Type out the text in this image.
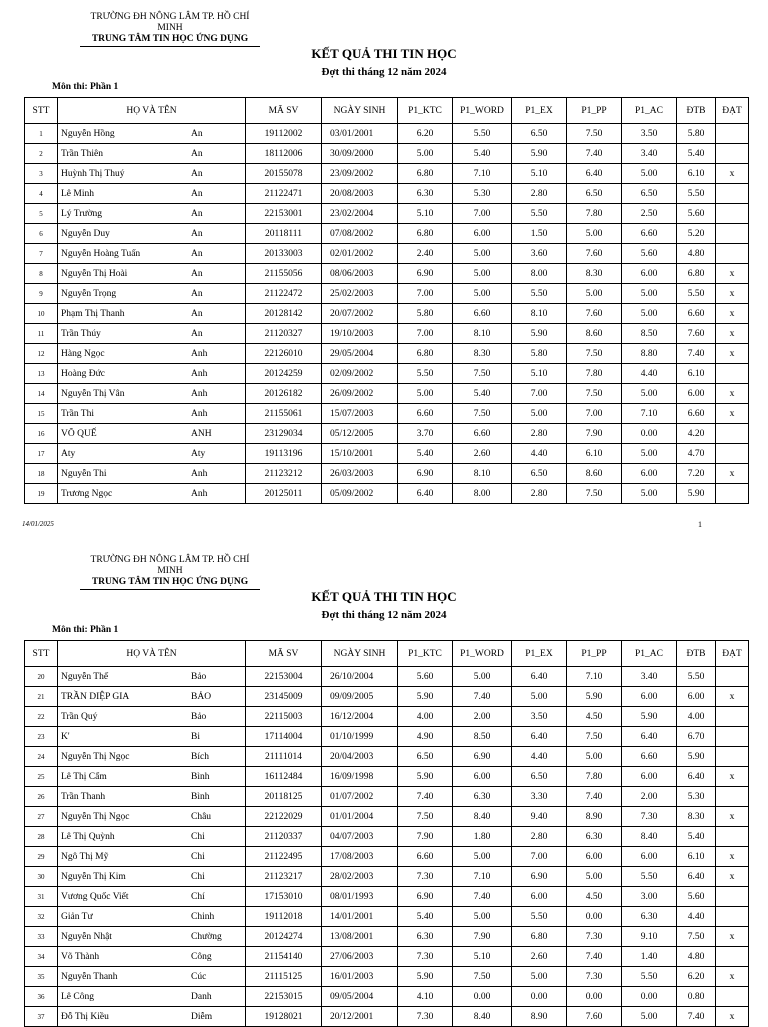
TRƯỜNG ĐH NÔNG LÂM TP. HỒ CHÍ MINH
TRUNG TÂM TIN HỌC ỨNG DỤNG
KẾT QUẢ THI TIN HỌC
Đợt thi tháng 12 năm 2024
Môn thi: Phần 1
STT	HỌ VÀ TÊN	MÃ SV	NGÀY SINH	P1_KTC	P1_WORD	P1_EX	P1_PP	P1_AC	ĐTB	ĐẠT
1	Nguyễn Hồng An	19112002	03/01/2001	6.20	5.50	6.50	7.50	3.50	5.80	
2	Trần Thiên An	18112006	30/09/2000	5.00	5.40	5.90	7.40	3.40	5.40	
3	Huỳnh Thị Thuý An	20155078	23/09/2002	6.80	7.10	5.10	6.40	5.00	6.10	x
4	Lê Minh An	21122471	20/08/2003	6.30	5.30	2.80	6.50	6.50	5.50	
5	Lý Trường An	22153001	23/02/2004	5.10	7.00	5.50	7.80	2.50	5.60	
6	Nguyễn Duy An	20118111	07/08/2002	6.80	6.00	1.50	5.00	6.60	5.20	
7	Nguyễn Hoàng Tuấn An	20133003	02/01/2002	2.40	5.00	3.60	7.60	5.60	4.80	
8	Nguyễn Thị Hoài An	21155056	08/06/2003	6.90	5.00	8.00	8.30	6.00	6.80	x
9	Nguyễn Trọng An	21122472	25/02/2003	7.00	5.00	5.50	5.00	5.00	5.50	x
10	Phạm Thị Thanh An	20128142	20/07/2002	5.80	6.60	8.10	7.60	5.00	6.60	x
11	Trần Thúy An	21120327	19/10/2003	7.00	8.10	5.90	8.60	8.50	7.60	x
12	Hàng Ngọc Anh	22126010	29/05/2004	6.80	8.30	5.80	7.50	8.80	7.40	x
13	Hoàng Đức Anh	20124259	02/09/2002	5.50	7.50	5.10	7.80	4.40	6.10	
14	Nguyễn Thị Vân Anh	20126182	26/09/2002	5.00	5.40	7.00	7.50	5.00	6.00	x
15	Trần Thi Anh	21155061	15/07/2003	6.60	7.50	5.00	7.00	7.10	6.60	x
16	VÕ QUẾ ANH	23129034	05/12/2005	3.70	6.60	2.80	7.90	0.00	4.20	
17	Aty Aty	19113196	15/10/2001	5.40	2.60	4.40	6.10	5.00	4.70	
18	Nguyễn Thi Anh	21123212	26/03/2003	6.90	8.10	6.50	8.60	6.00	7.20	x
19	Trương Ngọc Anh	20125011	05/09/2002	6.40	8.00	2.80	7.50	5.00	5.90	
14/01/2025	1
TRƯỜNG ĐH NÔNG LÂM TP. HỒ CHÍ MINH
TRUNG TÂM TIN HỌC ỨNG DỤNG
KẾT QUẢ THI TIN HỌC
Đợt thi tháng 12 năm 2024
Môn thi: Phần 1
STT	HỌ VÀ TÊN	MÃ SV	NGÀY SINH	P1_KTC	P1_WORD	P1_EX	P1_PP	P1_AC	ĐTB	ĐẠT
20	Nguyễn Thế Bảo	22153004	26/10/2004	5.60	5.00	6.40	7.10	3.40	5.50	
21	TRẦN DIỆP GIA BẢO	23145009	09/09/2005	5.90	7.40	5.00	5.90	6.00	6.00	x
22	Trần Quý Bảo	22115003	16/12/2004	4.00	2.00	3.50	4.50	5.90	4.00	
23	K' Bi	17114004	01/10/1999	4.90	8.50	6.40	7.50	6.40	6.70	
24	Nguyễn Thị Ngọc Bích	21111014	20/04/2003	6.50	6.90	4.40	5.00	6.60	5.90	
25	Lê Thị Cẩm Bình	16112484	16/09/1998	5.90	6.00	6.50	7.80	6.00	6.40	x
26	Trần Thanh Bình	20118125	01/07/2002	7.40	6.30	3.30	7.40	2.00	5.30	
27	Nguyễn Thị Ngọc Châu	22122029	01/01/2004	7.50	8.40	9.40	8.90	7.30	8.30	x
28	Lê Thị Quỳnh Chi	21120337	04/07/2003	7.90	1.80	2.80	6.30	8.40	5.40	
29	Ngô Thị Mỹ Chi	21122495	17/08/2003	6.60	5.00	7.00	6.00	6.00	6.10	x
30	Nguyễn Thị Kim Chi	21123217	28/02/2003	7.30	7.10	6.90	5.00	5.50	6.40	x
31	Vương Quốc Viết Chí	17153010	08/01/1993	6.90	7.40	6.00	4.50	3.00	5.60	
32	Giản Tư Chinh	19112018	14/01/2001	5.40	5.00	5.50	0.00	6.30	4.40	
33	Nguyễn Nhật Chường	20124274	13/08/2001	6.30	7.90	6.80	7.30	9.10	7.50	x
34	Võ Thành Công	21154140	27/06/2003	7.30	5.10	2.60	7.40	1.40	4.80	
35	Nguyễn Thanh Cúc	21115125	16/01/2003	5.90	7.50	5.00	7.30	5.50	6.20	x
36	Lê Công Danh	22153015	09/05/2004	4.10	0.00	0.00	0.00	0.00	0.80	
37	Đỗ Thị Kiều Diễm	19128021	20/12/2001	7.30	8.40	8.90	7.60	5.00	7.40	x
